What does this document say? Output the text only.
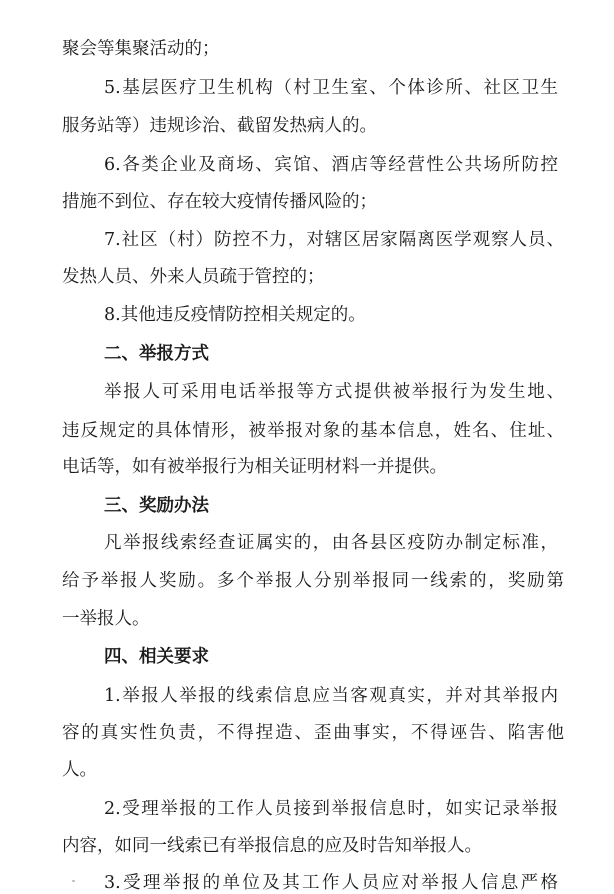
聚会等集聚活动的；

5.基层医疗卫生机构（村卫生室、个体诊所、社区卫生

服务站等）违规诊治、截留发热病人的。

6.各类企业及商场、宾馆、酒店等经营性公共场所防控

措施不到位、存在较大疫情传播风险的；

7.社区（村）防控不力，对辖区居家隔离医学观察人员、

发热人员、外来人员疏于管控的；

8.其他违反疫情防控相关规定的。

二、举报方式

举报人可采用电话举报等方式提供被举报行为发生地、

违反规定的具体情形，被举报对象的基本信息，姓名、住址、

电话等，如有被举报行为相关证明材料一并提供。

三、奖励办法

凡举报线索经查证属实的，由各县区疫防办制定标准，

给予举报人奖励。多个举报人分别举报同一线索的，奖励第

一举报人。

四、相关要求

1.举报人举报的线索信息应当客观真实，并对其举报内

容的真实性负责，不得捏造、歪曲事实，不得诬告、陷害他

人。

2.受理举报的工作人员接到举报信息时，如实记录举报

内容，如同一线索已有举报信息的应及时告知举报人。

3.受理举报的单位及其工作人员应对举报人信息严格
